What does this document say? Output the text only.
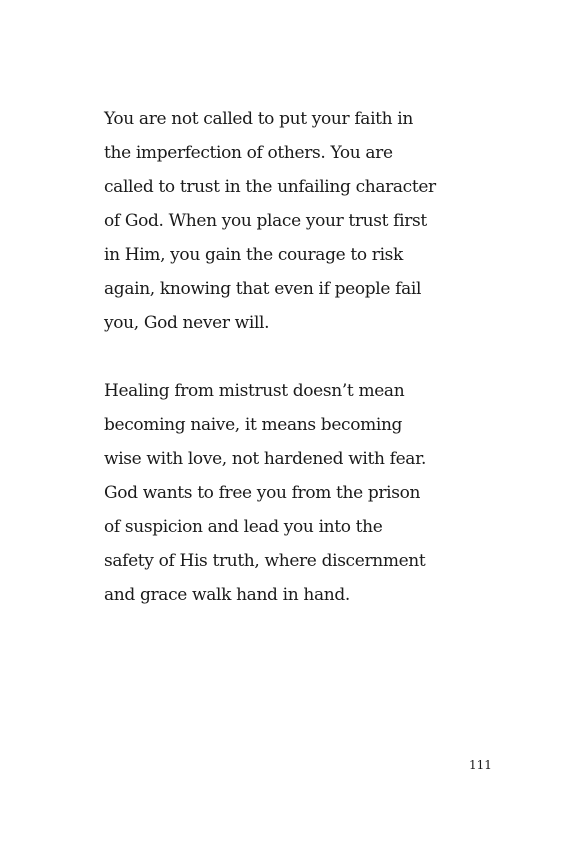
You are not called to put your faith in
the imperfection of others. You are
called to trust in the unfailing character
of God. When you place your trust first
in Him, you gain the courage to risk
again, knowing that even if people fail
you, God never will.

Healing from mistrust doesn’t mean
becoming naive, it means becoming
wise with love, not hardened with fear.
God wants to free you from the prison
of suspicion and lead you into the
safety of His truth, where discernment
and grace walk hand in hand.

111
